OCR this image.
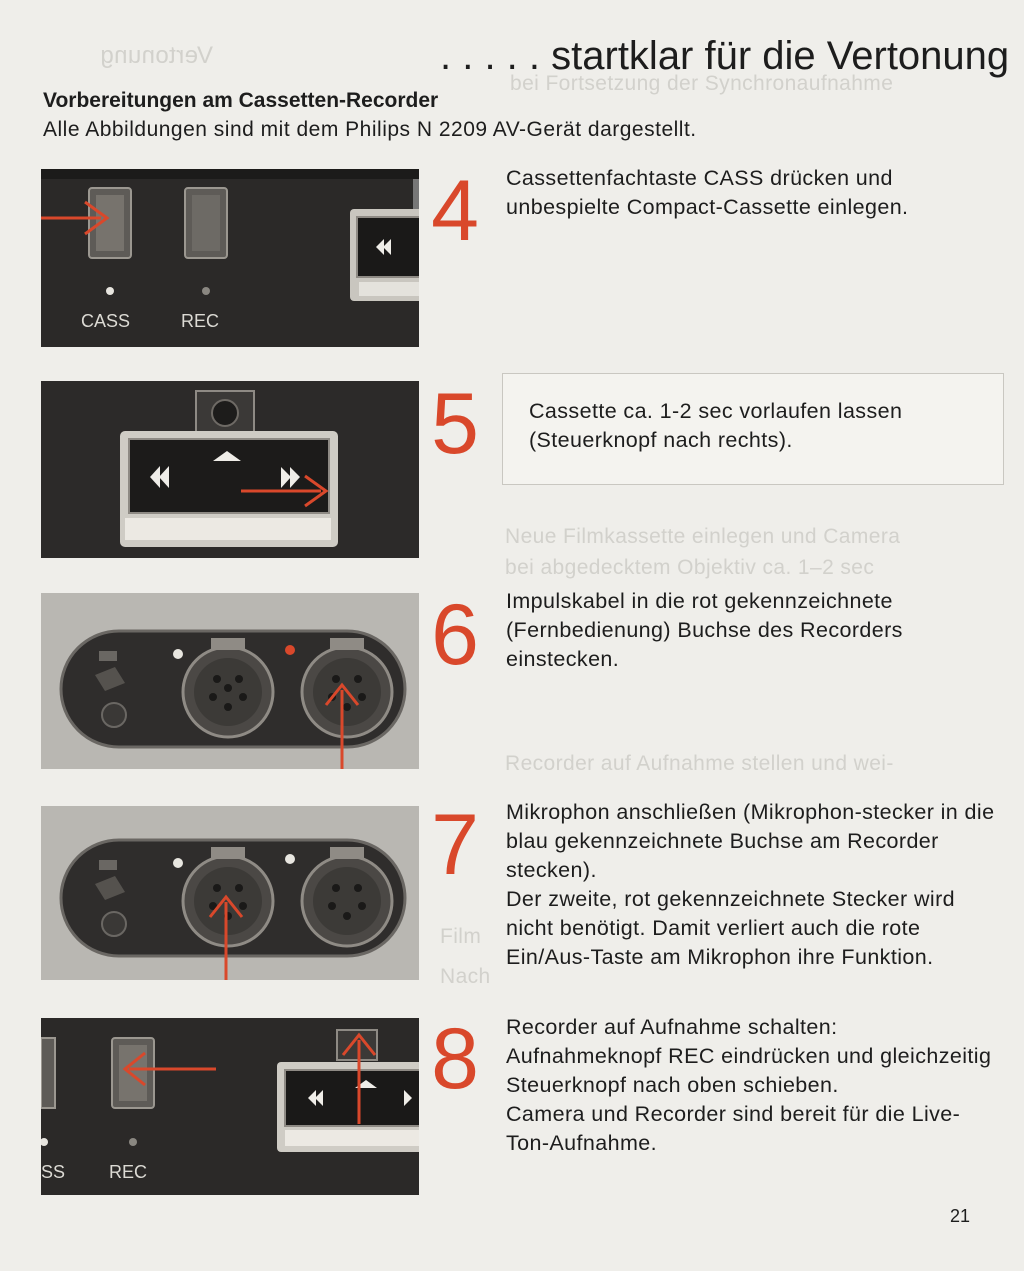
. . . . . startklar für die Vertonung
Vorbereitungen am Cassetten-Recorder
Alle Abbildungen sind mit dem Philips N 2209 AV-Gerät dargestellt.
Vertonung
bei Fortsetzung der Synchronaufnahme
Neue Filmkassette einlegen und Camera
bei abgedecktem Objektiv ca. 1–2 sec
Recorder auf Aufnahme stellen und wei-
Film
Nach
CASS	REC
4	Cassettenfachtaste CASS drücken und unbespielte Compact-Cassette einlegen.
5	Cassette ca. 1-2 sec vorlaufen lassen (Steuerknopf nach rechts).
6	Impulskabel in die rot gekennzeichnete (Fernbedienung) Buchse des Recorders einstecken.
7	Mikrophon anschließen (Mikrophon-stecker in die blau gekennzeichnete Buchse am Recorder stecken).
Der zweite, rot gekennzeichnete Stecker wird nicht benötigt. Damit verliert auch die rote Ein/Aus-Taste am Mikrophon ihre Funktion.
SS REC
8	Recorder auf Aufnahme schalten: Aufnahmeknopf REC eindrücken und gleichzeitig Steuerknopf nach oben schieben.
Camera und Recorder sind bereit für die Live-Ton-Aufnahme.
21
